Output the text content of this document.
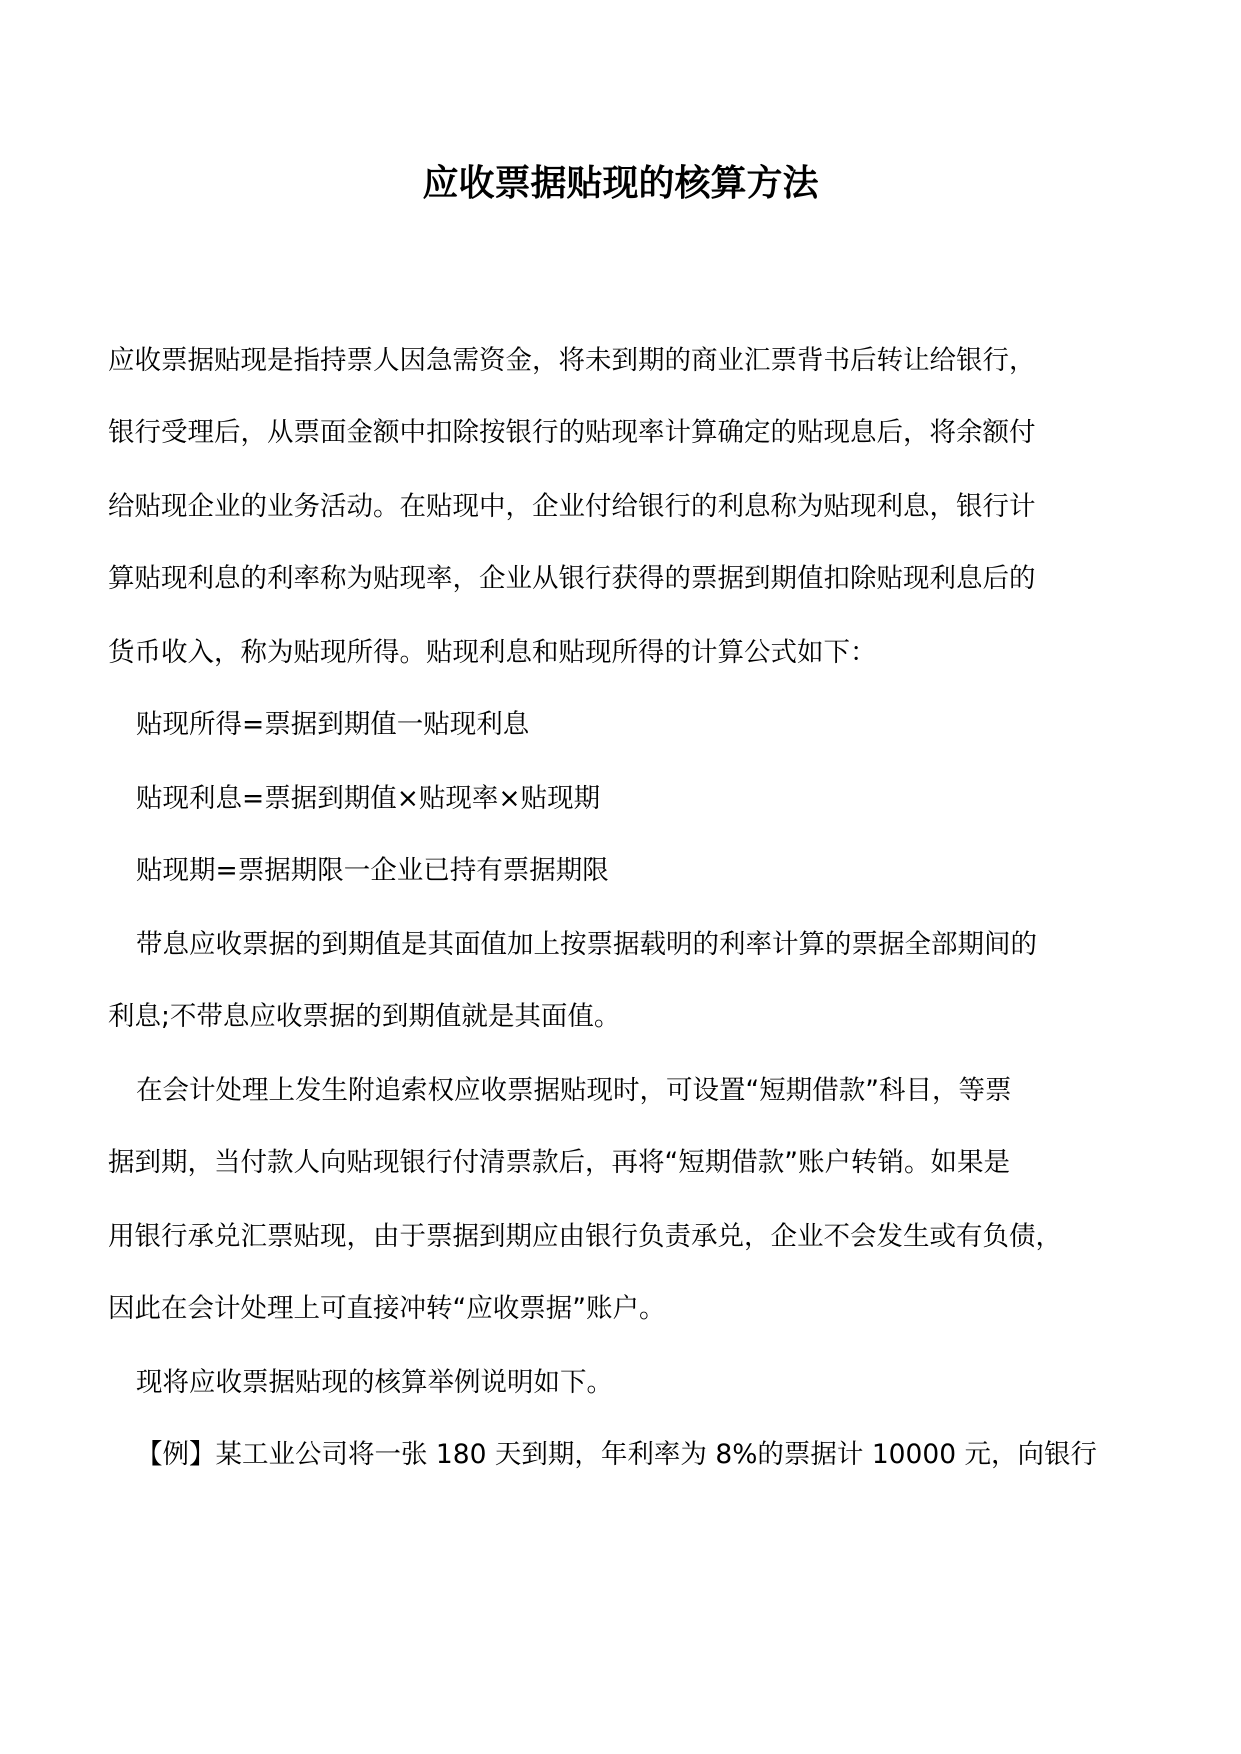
应收票据贴现的核算方法

应收票据贴现是指持票人因急需资金，将未到期的商业汇票背书后转让给银行，

银行受理后，从票面金额中扣除按银行的贴现率计算确定的贴现息后，将余额付

给贴现企业的业务活动。在贴现中，企业付给银行的利息称为贴现利息，银行计

算贴现利息的利率称为贴现率，企业从银行获得的票据到期值扣除贴现利息后的

货币收入，称为贴现所得。贴现利息和贴现所得的计算公式如下：

贴现所得=票据到期值一贴现利息

贴现利息=票据到期值×贴现率×贴现期

贴现期=票据期限一企业已持有票据期限

带息应收票据的到期值是其面值加上按票据载明的利率计算的票据全部期间的

利息;不带息应收票据的到期值就是其面值。

在会计处理上发生附追索权应收票据贴现时，可设置“短期借款”科目，等票

据到期，当付款人向贴现银行付清票款后，再将“短期借款”账户转销。如果是

用银行承兑汇票贴现，由于票据到期应由银行负责承兑，企业不会发生或有负债，

因此在会计处理上可直接冲转“应收票据”账户。

现将应收票据贴现的核算举例说明如下。

【例】某工业公司将一张 180 天到期，年利率为 8%的票据计 10000 元，向银行
